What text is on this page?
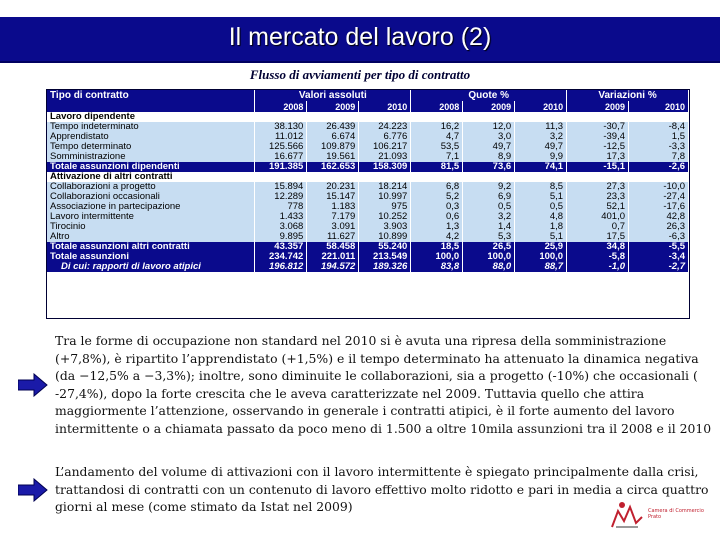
Il mercato del lavoro (2)
Flusso di avviamenti per tipo di contratto
Tipo di contratto	Valori assoluti			Quote %			Variazioni %	
	2008	2009	2010	2008	2009	2010	2009	2010
Lavoro dipendente								
Tempo indeterminato	38.130	26.439	24.223	16,2	12,0	11,3	-30,7	-8,4
Apprendistato	11.012	6.674	6.776	4,7	3,0	3,2	-39,4	1,5
Tempo determinato	125.566	109.879	106.217	53,5	49,7	49,7	-12,5	-3,3
Somministrazione	16.677	19.561	21.093	7,1	8,9	9,9	17,3	7,8
Totale assunzioni dipendenti	191.385	162.653	158.309	81,5	73,6	74,1	-15,1	-2,6
Attivazione di altri contratti								
Collaborazioni a progetto	15.894	20.231	18.214	6,8	9,2	8,5	27,3	-10,0
Collaborazioni occasionali	12.289	15.147	10.997	5,2	6,9	5,1	23,3	-27,4
Associazione in partecipazione	778	1.183	975	0,3	0,5	0,5	52,1	-17,6
Lavoro intermittente	1.433	7.179	10.252	0,6	3,2	4,8	401,0	42,8
Tirocinio	3.068	3.091	3.903	1,3	1,4	1,8	0,7	26,3
Altro	9.895	11.627	10.899	4,2	5,3	5,1	17,5	-6,3
Totale assunzioni altri contratti	43.357	58.458	55.240	18,5	26,5	25,9	34,8	-5,5
Totale assunzioni	234.742	221.011	213.549	100,0	100,0	100,0	-5,8	-3,4
Di cui: rapporti di lavoro atipici	196.812	194.572	189.326	83,8	88,0	88,7	-1,0	-2,7
Tra le forme di occupazione non standard nel 2010 si è avuta una ripresa della somministrazione (+7,8%), è ripartito l’apprendistato (+1,5%) e il tempo determinato ha attenuato la dinamica negativa (da −12,5% a −3,3%); inoltre, sono diminuite le collaborazioni, sia a progetto (-10%) che occasionali ( -27,4%), dopo la forte crescita che le aveva caratterizzate nel 2009. Tuttavia quello che attira maggiormente l’attenzione, osservando in generale i contratti atipici, è il forte aumento del lavoro intermittente o a chiamata passato da poco meno di 1.500 a oltre 10mila assunzioni tra il 2008 e il 2010
L’andamento del volume di attivazioni con il lavoro intermittente è spiegato principalmente dalla crisi, trattandosi di contratti con un contenuto di lavoro effettivo molto ridotto e pari in media a circa quattro giorni al mese (come stimato da Istat nel 2009)	Camera di Commercio
Prato
